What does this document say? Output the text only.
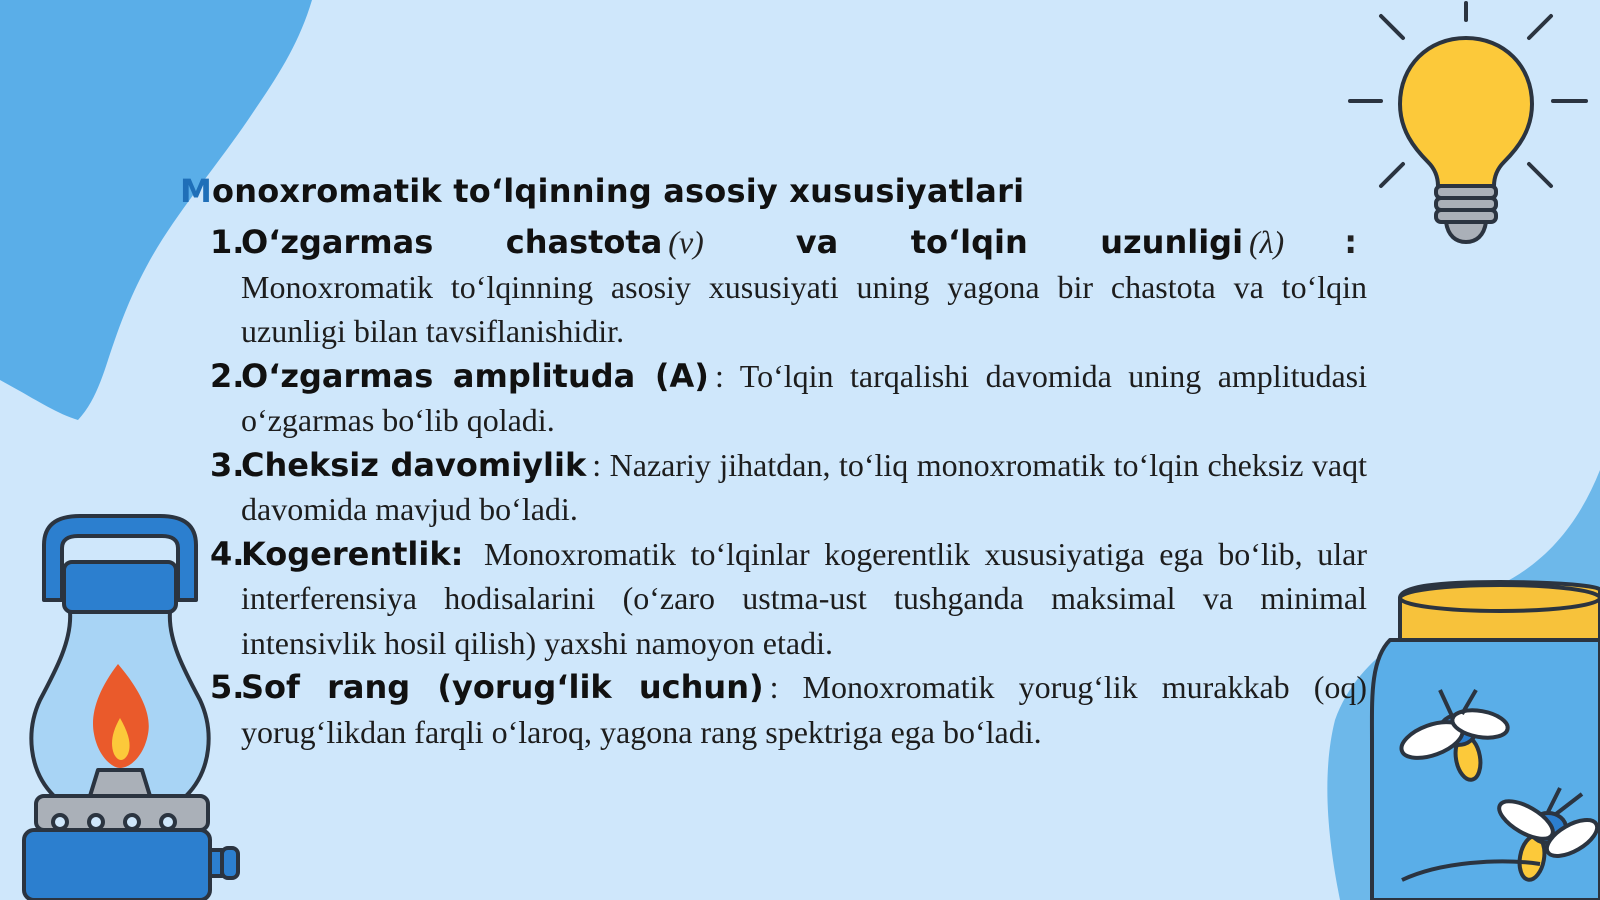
Monoxromatik to‘lqinning asosiy xususiyatlari
1.
O‘zgarmas chastota (ν)	va to‘lqin uzunligi (λ) : Monoxromatik to‘lqinning asosiy xususiyati uning yagona bir chastota va to‘lqin uzunligi bilan tavsiflanishidir.
2.
O‘zgarmas amplituda (A) : To‘lqin tarqalishi davomida uning amplitudasi o‘zgarmas bo‘lib qoladi.
3.
Cheksiz davomiylik : Nazariy jihatdan, to‘liq monoxromatik to‘lqin cheksiz vaqt davomida mavjud bo‘ladi.
4.
Kogerentlik: Monoxromatik to‘lqinlar kogerentlik xususiyatiga ega bo‘lib, ular interferensiya hodisalarini (o‘zaro ustma-ust tushganda maksimal va minimal intensivlik hosil qilish) yaxshi namoyon etadi.
5.
Sof rang (yorug‘lik uchun) : Monoxromatik yorug‘lik murakkab (oq) yorug‘likdan farqli o‘laroq, yagona rang spektriga ega bo‘ladi.
